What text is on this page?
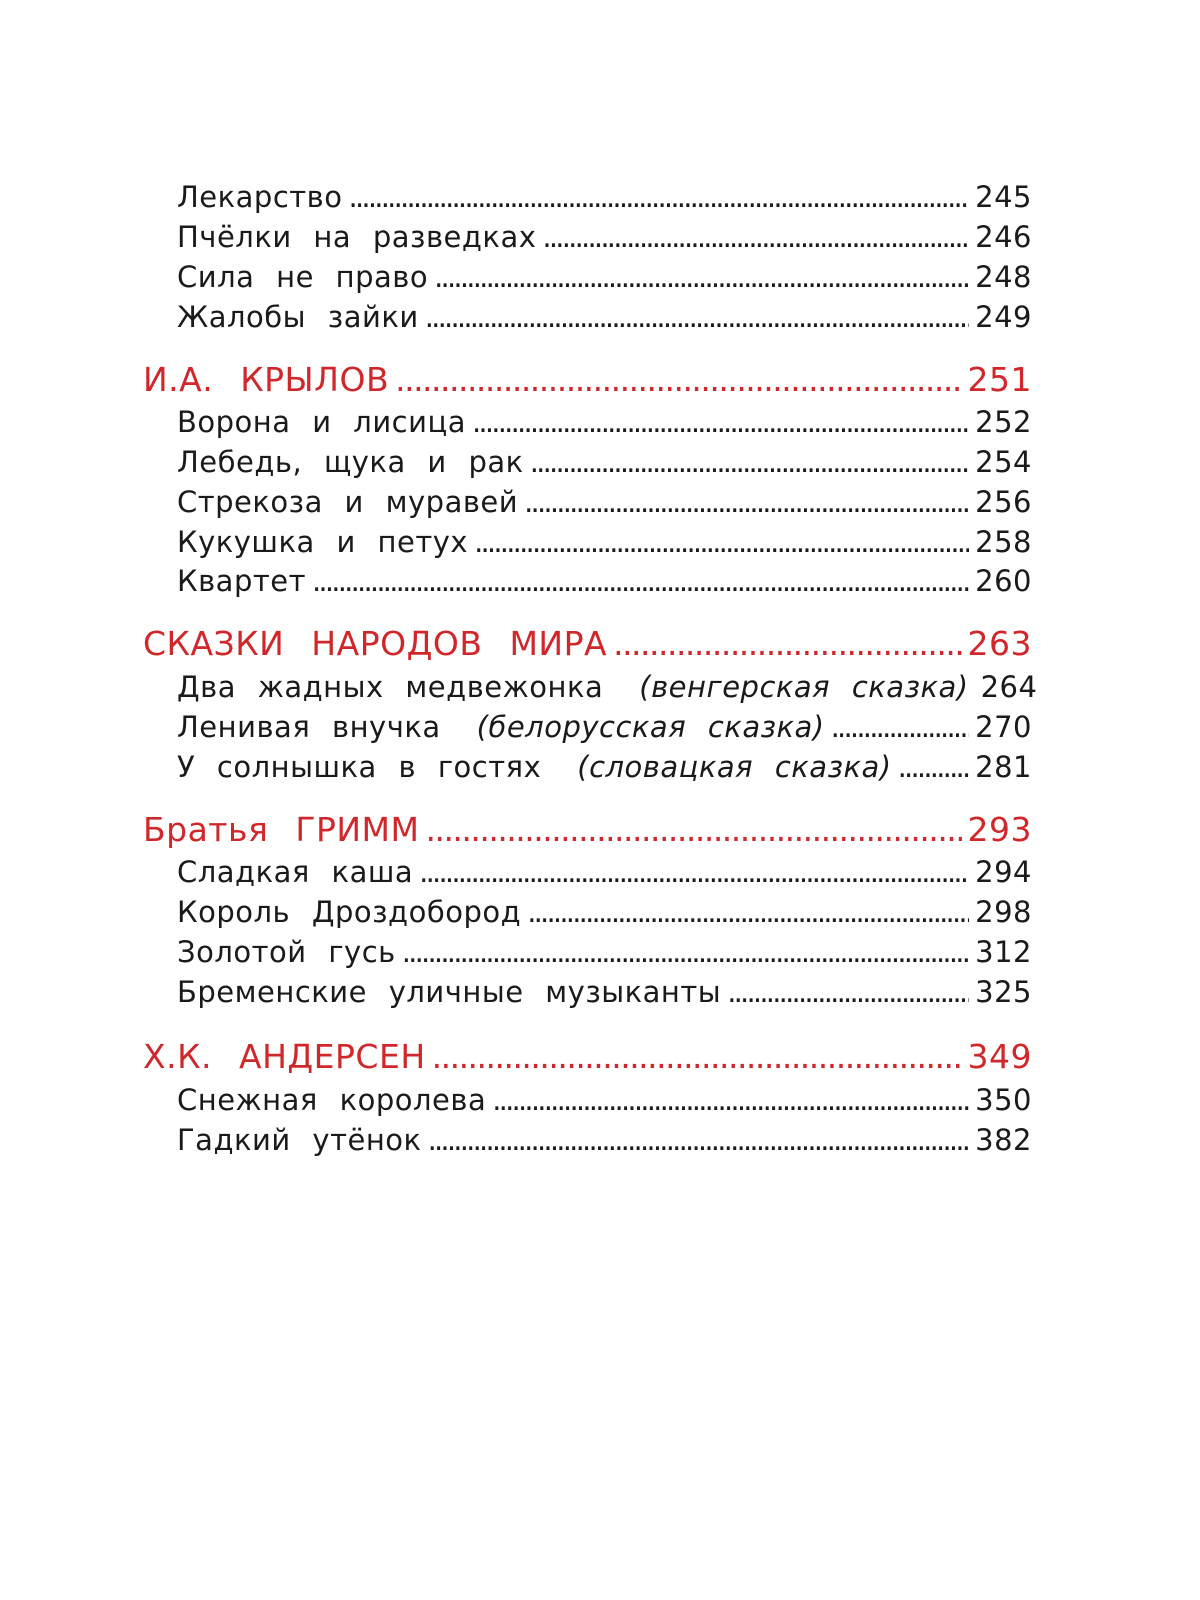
Лекарство . . .	245
Пчёлки на разведках . . .	246
Сила не право . . .	248
Жалобы зайки . . .	249
И.А. КРЫЛОВ . . .	251
Ворона и лисица . . .	252
Лебедь, щука и рак . . .	254
Стрекоза и муравей . . .	256
Кукушка и петух . . .	258
Квартет . . .	260
СКАЗКИ НАРОДОВ МИРА . . .	263
Два жадных медвежонка (венгерская сказка) 264
Ленивая внучка (белорусская сказка) . . .	270
У солнышка в гостях (словацкая сказка) . . .	281
Братья ГРИММ . . .	293
Сладкая каша . . .	294
Король Дроздобород . . .	298
Золотой гусь . . .	312
Бременские уличные музыканты . . .	325
Х.К. АНДЕРСЕН . . .	349
Снежная королева . . .	350
Гадкий утёнок . . .	382
